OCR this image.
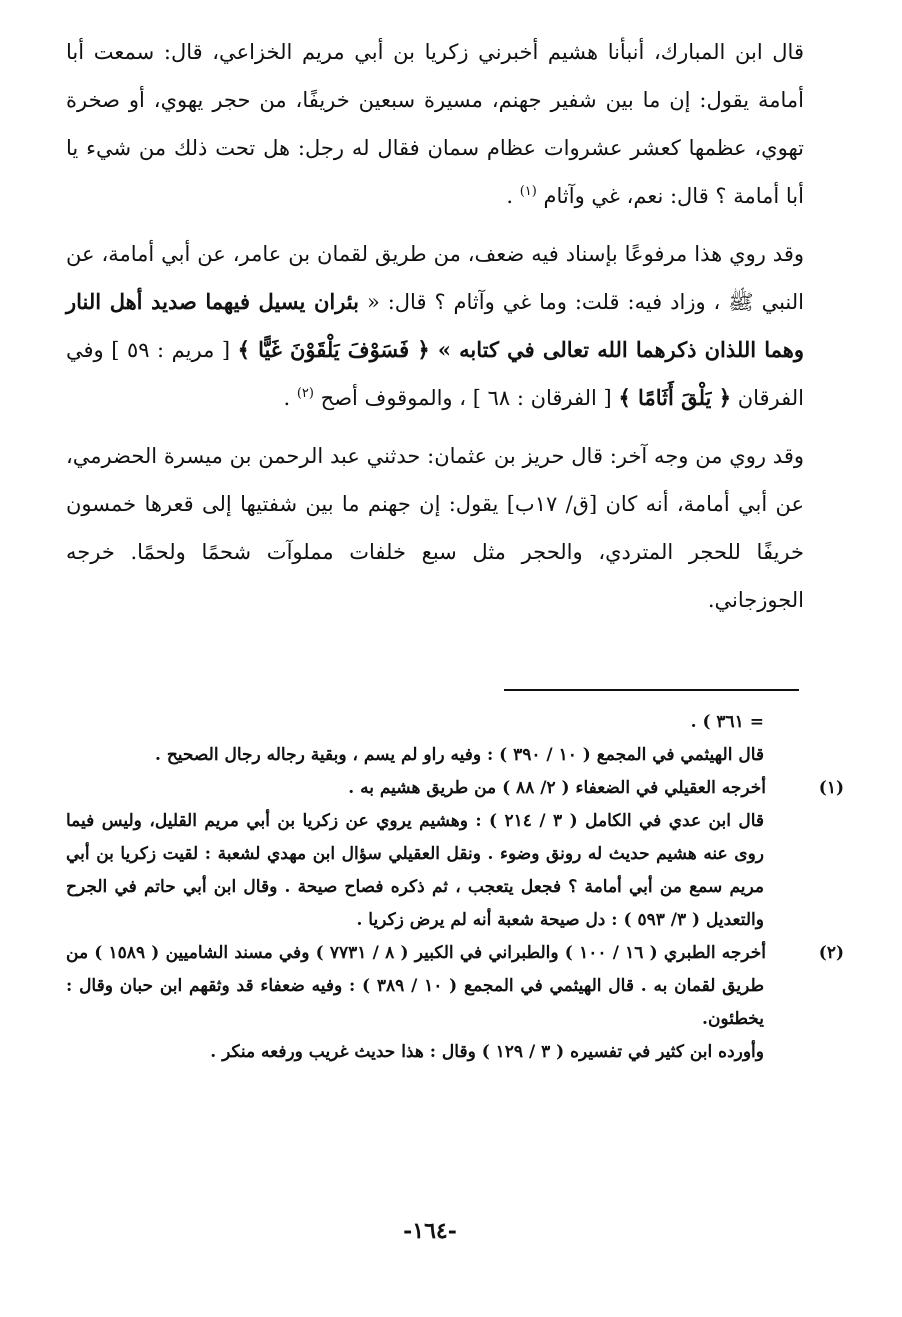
قال ابن المبارك، أنبأنا هشيم أخبرني زكريا بن أبي مريم الخزاعي، قال: سمعت أبا أمامة يقول: إن ما بين شفير جهنم، مسيرة سبعين خريفًا، من حجر يهوي، أو صخرة تهوي، عظمها كعشر عشروات عظام سمان فقال له رجل: هل تحت ذلك من شيء يا أبا أمامة ؟ قال: نعم، غي وآثام $^{(١)}$ .

وقد روي هذا مرفوعًا بإسناد فيه ضعف، من طريق لقمان بن عامر، عن أبي أمامة، عن النبي ﷺ ، وزاد فيه: قلت: وما غي وآثام ؟ قال: « بئران يسيل فيهما صديد أهل النار وهما اللذان ذكرهما الله تعالى في كتابه » ﴿ فَسَوْفَ يَلْقَوْنَ غَيًّا ﴾ [ مريم : ٥٩ ] وفي الفرقان ﴿ يَلْقَ أَثَامًا ﴾ [ الفرقان : ٦٨ ] ، والموقوف أصح $^{(٢)}$ .

وقد روي من وجه آخر: قال حريز بن عثمان: حدثني عبد الرحمن بن ميسرة الحضرمي، عن أبي أمامة، أنه كان [ق/ ١٧ب] يقول: إن جهنم ما بين شفتيها إلى قعرها خمسون خريفًا للحجر المتردي، والحجر مثل سبع خلفات مملوآت شحمًا ولحمًا. خرجه الجوزجاني.

= ٣٦١ ) .

قال الهيثمي في المجمع ( ١٠ / ٣٩٠ ) : وفيه راو لم يسم ، وبقية رجاله رجال الصحيح .

(١)أخرجه العقيلي في الضعفاء ( ٢/ ٨٨ ) من طريق هشيم به .

قال ابن عدي في الكامل ( ٣ / ٢١٤ ) : وهشيم يروي عن زكريا بن أبي مريم القليل، وليس فيما روى عنه هشيم حديث له رونق وضوء . ونقل العقيلي سؤال ابن مهدي لشعبة : لقيت زكريا بن أبي مريم سمع من أبي أمامة ؟ فجعل يتعجب ، ثم ذكره فصاح صيحة . وقال ابن أبي حاتم في الجرح والتعديل ( ٣/ ٥٩٣ ) : دل صيحة شعبة أنه لم يرض زكريا .

(٢)أخرجه الطبري ( ١٦ / ١٠٠ ) والطبراني في الكبير ( ٨ / ٧٧٣١ ) وفي مسند الشاميين ( ١٥٨٩ ) من طريق لقمان به . قال الهيثمي في المجمع ( ١٠ / ٣٨٩ ) : وفيه ضعفاء قد وثقهم ابن حبان وقال : يخطئون.

وأورده ابن كثير في تفسيره ( ٣ / ١٢٩ ) وقال : هذا حديث غريب ورفعه منكر .

-١٦٤-
